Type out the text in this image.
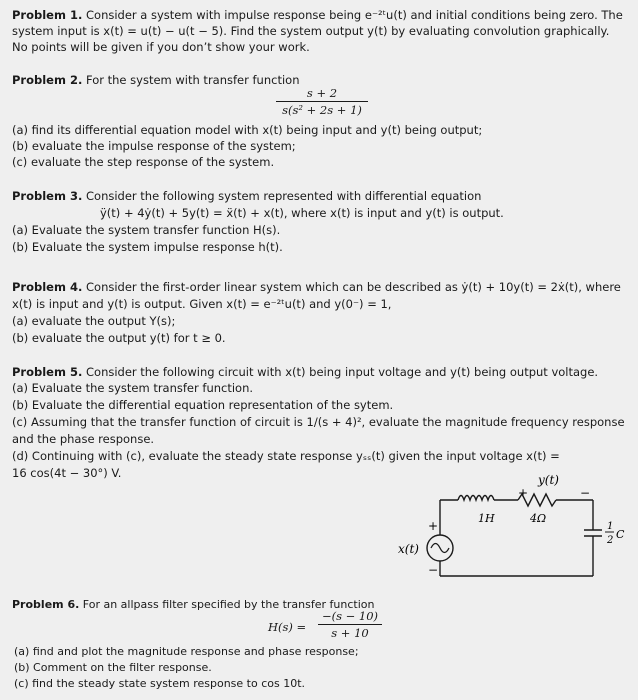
Problem 1. Consider a system with impulse response being e⁻²ᵗu(t) and initial conditions being zero. The
system input is x(t) = u(t) − u(t − 5). Find the system output y(t) by evaluating convolution graphically.
No points will be given if you don’t show your work.
Problem 2. For the system with transfer function
s + 2
s(s² + 2s + 1)
(a) find its differential equation model with x(t) being input and y(t) being output;
(b) evaluate the impulse response of the system;
(c) evaluate the step response of the system.
Problem 3. Consider the following system represented with differential equation
ÿ(t) + 4ẏ(t) + 5y(t) = ẍ(t) + x(t), where x(t) is input and y(t) is output.
(a) Evaluate the system transfer function H(s).
(b) Evaluate the system impulse response h(t).
Problem 4. Consider the first-order linear system which can be described as ẏ(t) + 10y(t) = 2ẋ(t), where
x(t) is input and y(t) is output. Given x(t) = e⁻²ᵗu(t) and y(0⁻) = 1,
(a) evaluate the output Y(s);
(b) evaluate the output y(t) for t ≥ 0.
Problem 5. Consider the following circuit with x(t) being input voltage and y(t) being output voltage.
(a) Evaluate the system transfer function.
(b) Evaluate the differential equation representation of the sytem.
(c) Assuming that the transfer function of circuit is 1/(s + 4)², evaluate the magnitude frequency response
and the phase response.
(d) Continuing with (c), evaluate the steady state response yₛₛ(t) given the input voltage x(t) =
16 cos(4t − 30°) V.	y(t)
+	−
1H	4Ω
1
2 C
+
−
x(t)
Problem 6. For an allpass filter specified by the transfer function
H(s) =
−(s − 10)
s + 10
(a) find and plot the magnitude response and phase response;
(b) Comment on the filter response.
(c) find the steady state system response to cos 10t.
